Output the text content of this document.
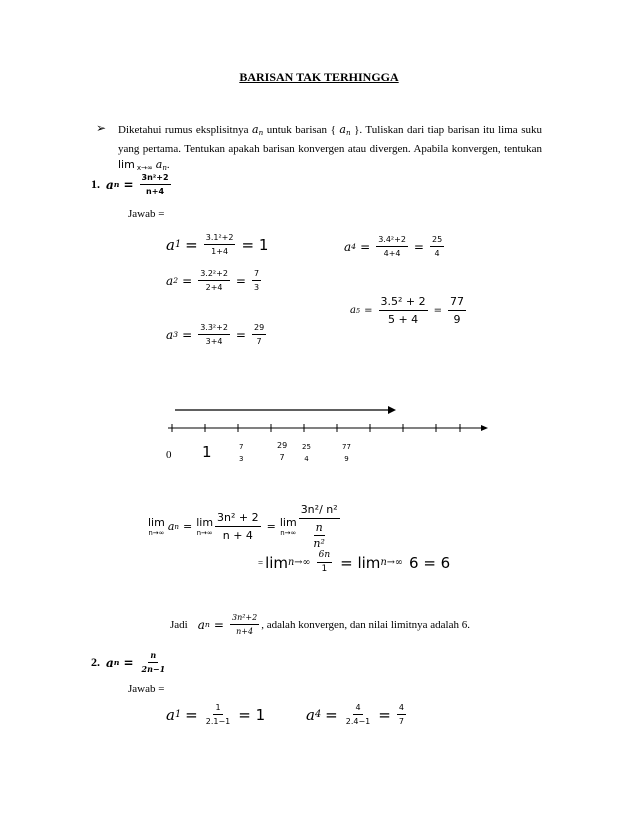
BARISAN TAK TERHINGGA
➢ Diketahui rumus eksplisitnya $a_n$ untuk barisan { $a_n$ }. Tuliskan dari tiap barisan itu lima suku yang pertama. Tentukan apakah barisan konvergen atau divergen. Apabila konvergen, tentukan lim $_{x\to\infty}$ $a_n$.
1. a $n = \frac{\text{3n²+2}}{n+4}$
Jawab =
a $1 = \frac{\text{3.1²+2}}{1+4} = 1$
a $2 = \frac{\text{3.2²+2}}{2+4} = \frac{7}{3}$
a $3 = \frac{\text{3.3²+2}}{3+4} = \frac{29}{7}$
a $4 = \frac{\text{3.4²+2}}{4+4} = \frac{25}{4}$
a $5 = \frac{\text{3.5² + 2}}{5 + 4} = \frac{77}{9}$
0 1	7
3
29
7
25
4
77
9
lim
n→∞ a n = lim
$n\to\infty \frac{\text{3n² + 2}}{n + 4} = \lim$
$n\to\infty \frac{\text{3n²/ n²}}{\frac{n}{\text{n²}}}$
= $\lim n\to\infty \frac{6n}{1} = \lim n\to\infty$ 6 = 6
Jadi a $n = \frac{\text{3n²+2}}{n+4}$ , adalah konvergen, dan nilai limitnya adalah 6.
2. a $n = \frac{n}{2n-1}$
Jawab =
a $1 = \frac{1}{2.1-1} = 1$	a $4 = \frac{4}{2.4-1} = \frac{4}{7}$
